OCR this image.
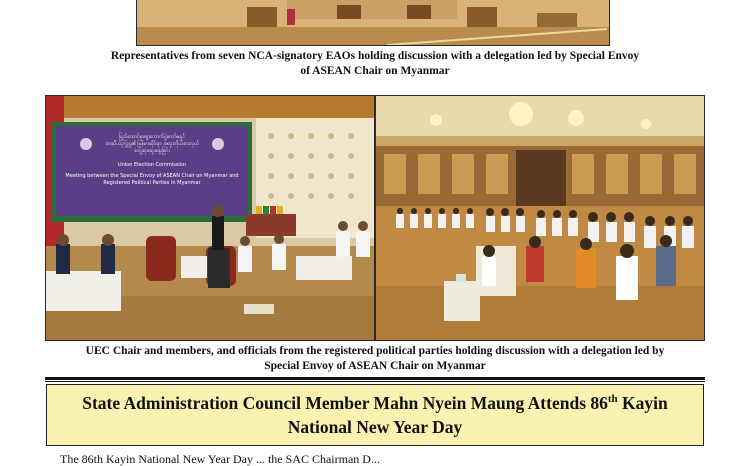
Representatives from seven NCA-signatory EAOs holding discussion with a delegation led by Special Envoy
of ASEAN Chair on Myanmar
ပြည်ထောင်စုရွေးကောက်ပွဲကော်မရှင်
အာဆီယံဥက္ကဋ္ဌ၏ မြန်မာဆိုင်ရာ အထူးကိုယ်စားလှယ်
တွေ့ဆုံဆွေးနွေးခြင်း
Union Election Commission
Meeting between the Special Envoy of ASEAN Chair on Myanmar and
Registered Political Parties in Myanmar
UEC Chair and members, and officials from the registered political parties holding discussion with a delegation led by
Special Envoy of ASEAN Chair on Myanmar
State Administration Council Member Mahn Nyein Maung Attends 86th Kayin
National New Year Day
The 86th Kayin National New Year Day ... the SAC Chairman D...
